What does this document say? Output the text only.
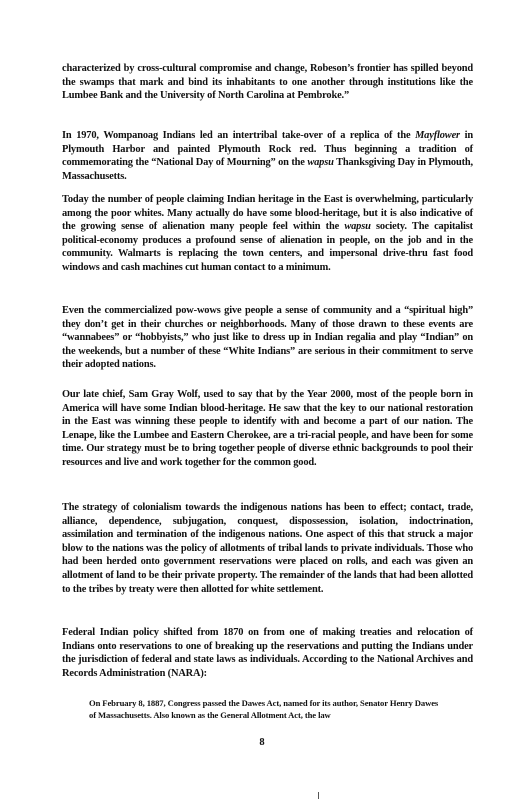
characterized by cross-cultural compromise and change, Robeson’s frontier has spilled beyond the swamps that mark and bind its inhabitants to one another through institutions like the Lumbee Bank and the University of North Carolina at Pembroke.”

In 1970, Wompanoag Indians led an intertribal take-over of a replica of the Mayflower in Plymouth Harbor and painted Plymouth Rock red. Thus beginning a tradition of commemorating the “National Day of Mourning” on the wapsu Thanksgiving Day in Plymouth, Massachusetts.

Today the number of people claiming Indian heritage in the East is overwhelming, particularly among the poor whites. Many actually do have some blood-heritage, but it is also indicative of the growing sense of alienation many people feel within the wapsu society. The capitalist political-economy produces a profound sense of alienation in people, on the job and in the community. Walmarts is replacing the town centers, and impersonal drive-thru fast food windows and cash machines cut human contact to a minimum.

Even the commercialized pow-wows give people a sense of community and a “spiritual high” they don’t get in their churches or neighborhoods. Many of those drawn to these events are “wannabees” or “hobbyists,” who just like to dress up in Indian regalia and play “Indian” on the weekends, but a number of these “White Indians” are serious in their commitment to serve their adopted nations.

Our late chief, Sam Gray Wolf, used to say that by the Year 2000, most of the people born in America will have some Indian blood-heritage. He saw that the key to our national restoration in the East was winning these people to identify with and become a part of our nation. The Lenape, like the Lumbee and Eastern Cherokee, are a tri-racial people, and have been for some time. Our strategy must be to bring together people of diverse ethnic backgrounds to pool their resources and live and work together for the common good.

The strategy of colonialism towards the indigenous nations has been to effect; contact, trade, alliance, dependence, subjugation, conquest, dispossession, isolation, indoctrination, assimilation and termination of the indigenous nations. One aspect of this that struck a major blow to the nations was the policy of allotments of tribal lands to private individuals. Those who had been herded onto government reservations were placed on rolls, and each was given an allotment of land to be their private property. The remainder of the lands that had been allotted to the tribes by treaty were then allotted for white settlement.

Federal Indian policy shifted from 1870 on from one of making treaties and relocation of Indians onto reservations to one of breaking up the reservations and putting the Indians under the jurisdiction of federal and state laws as individuals. According to the National Archives and Records Administration (NARA):

On February 8, 1887, Congress passed the Dawes Act, named for its author, Senator Henry Dawes of Massachusetts. Also known as the General Allotment Act, the law

8
